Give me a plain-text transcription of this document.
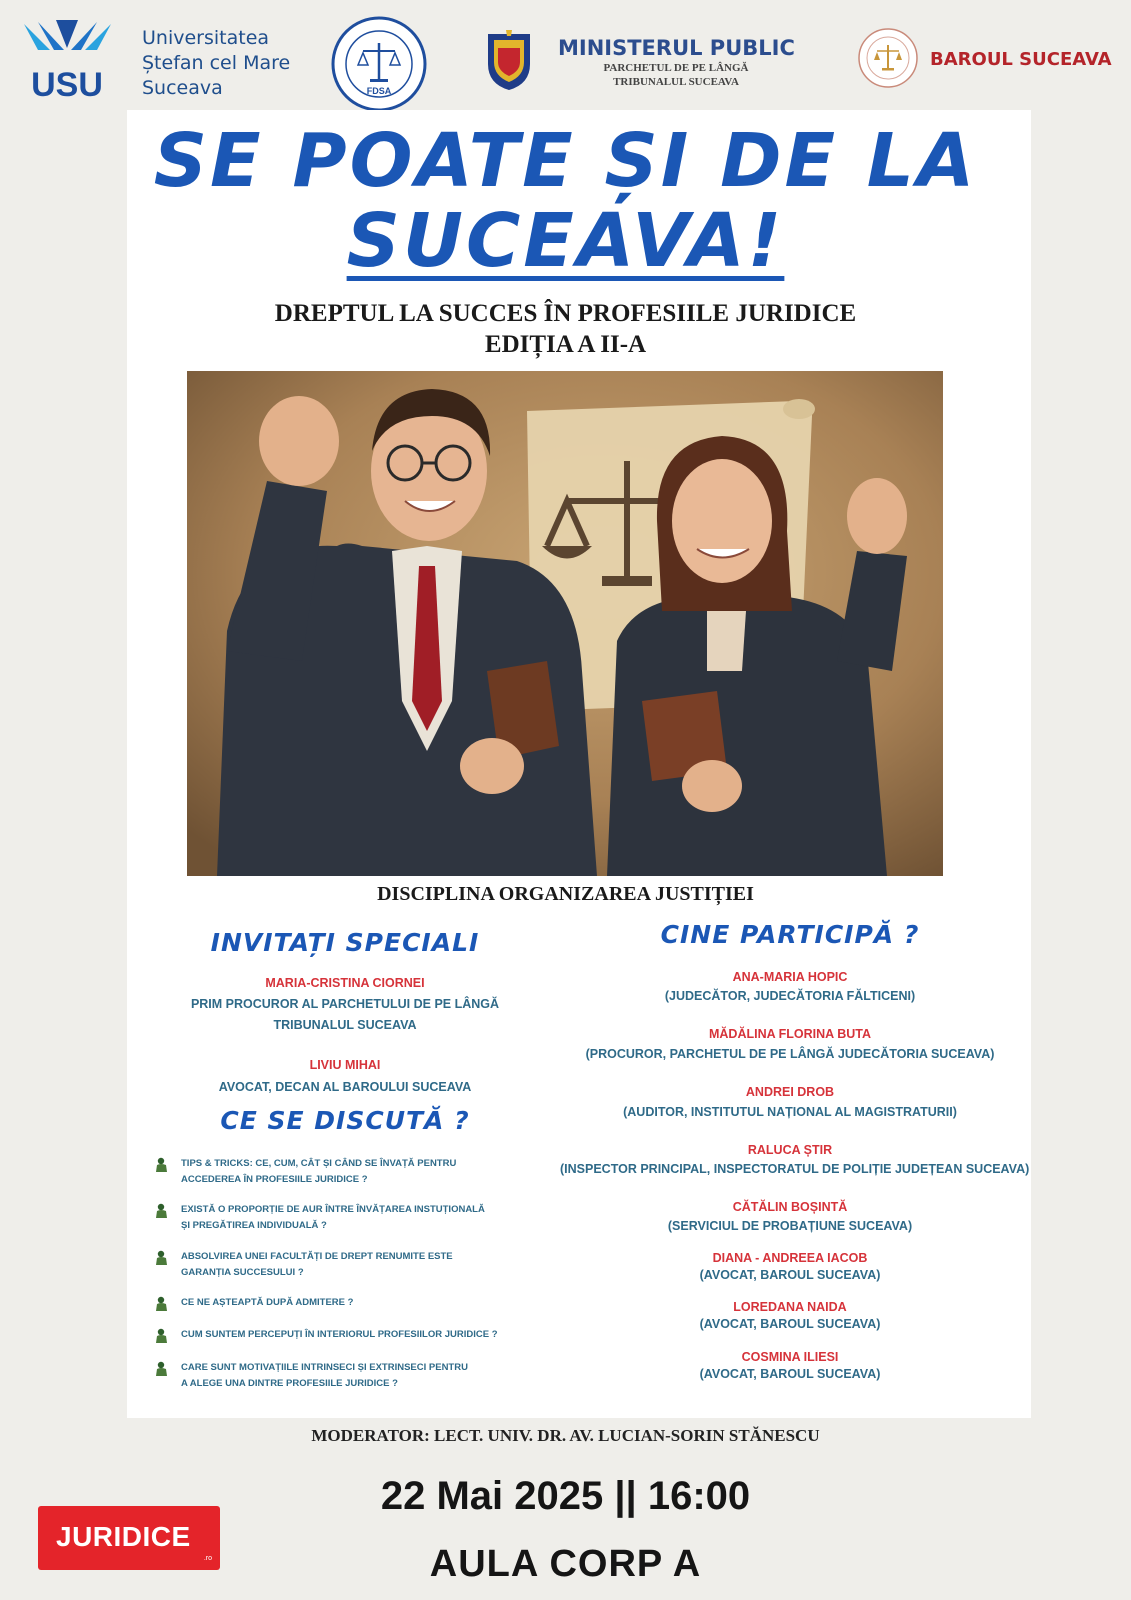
USU
Universitatea
Ștefan cel Mare
Suceava	FDSA
MINISTERUL PUBLIC
PARCHETUL DE PE LÂNGĂ
TRIBUNALUL SUCEAVA
BAROUL SUCEAVA
SE POATE ȘI DE LA
SUCEAVA!
DREPTUL LA SUCCES ÎN PROFESIILE JURIDICE
EDIȚIA A II-A
DISCIPLINA ORGANIZAREA JUSTIȚIEI
INVITAȚI SPECIALI
MARIA-CRISTINA CIORNEI
PRIM PROCUROR AL PARCHETULUI DE PE LÂNGĂ
TRIBUNALUL SUCEAVA
LIVIU MIHAI
AVOCAT, DECAN AL BAROULUI SUCEAVA
CE SE DISCUTĂ ?
TIPS & TRICKS: CE, CUM, CÂT ȘI CÂND SE ÎNVAȚĂ PENTRU
ACCEDEREA ÎN PROFESIILE JURIDICE ?
EXISTĂ O PROPORȚIE DE AUR ÎNTRE ÎNVĂȚAREA INSTUȚIONALĂ
ȘI PREGĂTIREA INDIVIDUALĂ ?
ABSOLVIREA UNEI FACULTĂȚI DE DREPT RENUMITE ESTE
GARANȚIA SUCCESULUI ?
CE NE AȘTEAPTĂ DUPĂ ADMITERE ?
CUM SUNTEM PERCEPUȚI ÎN INTERIORUL PROFESIILOR JURIDICE ?
CARE SUNT MOTIVAȚIILE INTRINSECI ȘI EXTRINSECI PENTRU
A ALEGE UNA DINTRE PROFESIILE JURIDICE ?
CINE PARTICIPĂ ?
ANA-MARIA HOPIC
(JUDECĂTOR, JUDECĂTORIA FĂLTICENI)
MĂDĂLINA FLORINA BUTA
(PROCUROR, PARCHETUL DE PE LÂNGĂ JUDECĂTORIA SUCEAVA)
ANDREI DROB
(AUDITOR, INSTITUTUL NAȚIONAL AL MAGISTRATURII)
RALUCA ȘTIR
(INSPECTOR PRINCIPAL, INSPECTORATUL DE POLIȚIE JUDEȚEAN SUCEAVA)
CĂTĂLIN BOȘINTĂ
(SERVICIUL DE PROBAȚIUNE SUCEAVA)
DIANA - ANDREEA IACOB
(AVOCAT, BAROUL SUCEAVA)
LOREDANA NAIDA
(AVOCAT, BAROUL SUCEAVA)
COSMINA ILIESI
(AVOCAT, BAROUL SUCEAVA)
MODERATOR: LECT. UNIV. DR. AV. LUCIAN-SORIN STĂNESCU
JURIDICE
.ro
22 Mai 2025 || 16:00
AULA CORP A
